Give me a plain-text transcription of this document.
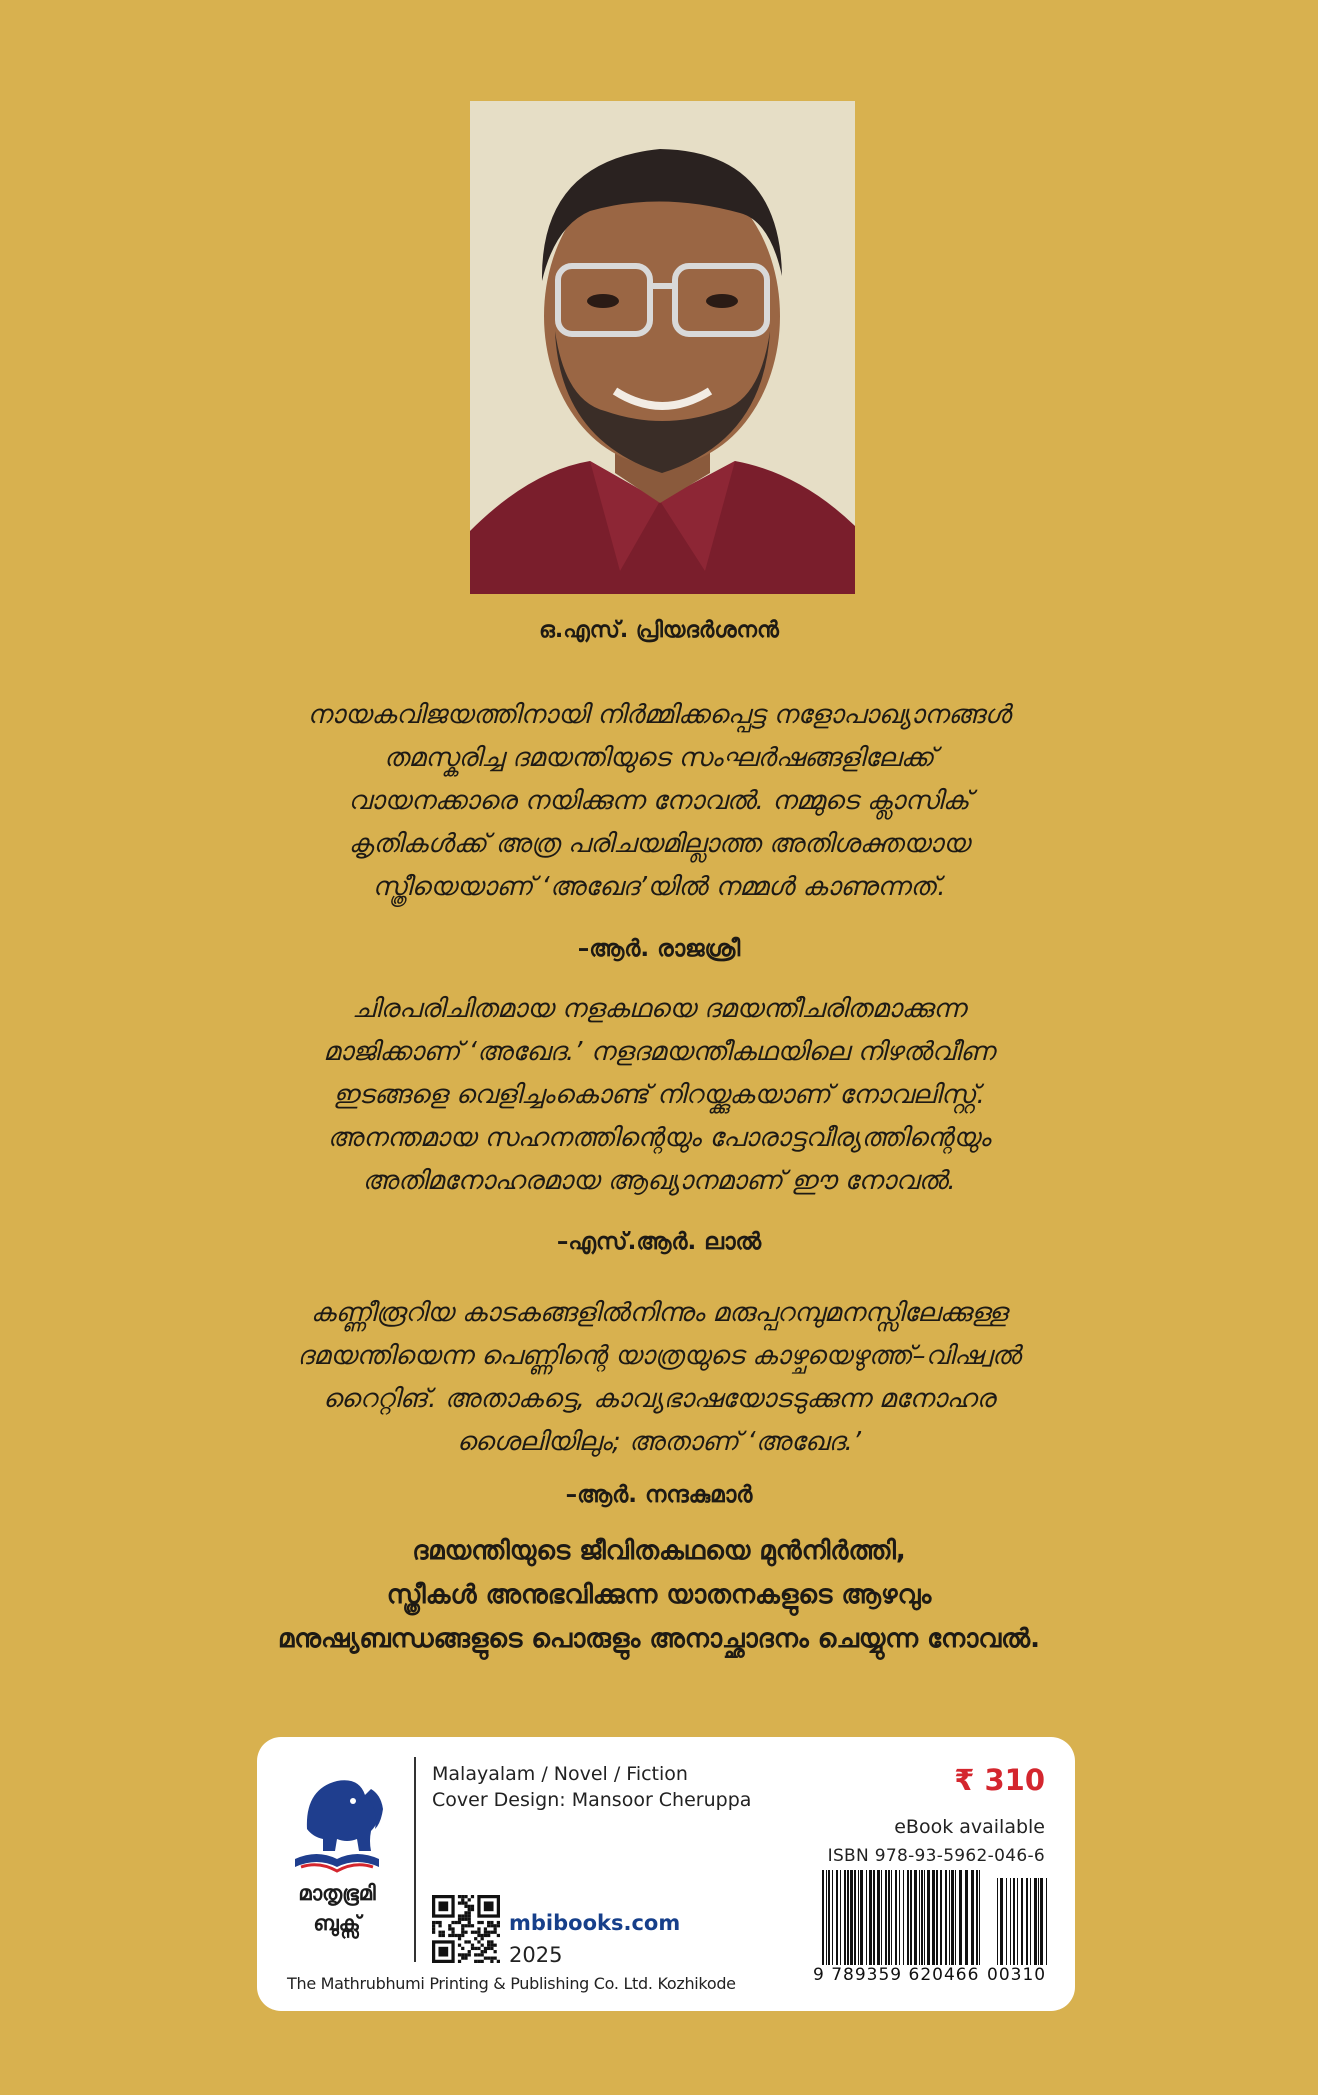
ഒ.എസ്. പ്രിയദർശനൻ
നായകവിജയത്തിനായി നിർമ്മിക്കപ്പെട്ട നളോപാഖ്യാനങ്ങൾ
തമസ്കരിച്ച ദമയന്തിയുടെ സംഘർഷങ്ങളിലേക്ക്
വായനക്കാരെ നയിക്കുന്ന നോവൽ. നമ്മുടെ ക്ലാസിക്
കൃതികൾക്ക് അത്ര പരിചയമില്ലാത്ത അതിശക്തയായ
സ്ത്രീയെയാണ് ‘അഖേദ’യിൽ നമ്മൾ കാണുന്നത്.
–ആർ. രാജശ്രീ
ചിരപരിചിതമായ നളകഥയെ ദമയന്തീചരിതമാക്കുന്ന
മാജിക്കാണ് ‘അഖേദ.’ നളദമയന്തീകഥയിലെ നിഴൽവീണ
ഇടങ്ങളെ വെളിച്ചംകൊണ്ട് നിറയ്ക്കുകയാണ് നോവലിസ്റ്റ്.
അനന്തമായ സഹനത്തിന്റെയും പോരാട്ടവീര്യത്തിന്റെയും
അതിമനോഹരമായ ആഖ്യാനമാണ് ഈ നോവൽ.
–എസ്.ആർ. ലാൽ
കണ്ണീരൂറിയ കാടകങ്ങളിൽനിന്നും മരുപ്പറമ്പുമനസ്സിലേക്കുള്ള
ദമയന്തിയെന്ന പെണ്ണിന്റെ യാത്രയുടെ കാഴ്ചയെഴുത്ത്–വിഷ്വൽ
റൈറ്റിങ്. അതാകട്ടെ, കാവ്യഭാഷയോടടുക്കുന്ന മനോഹര
ശൈലിയിലും; അതാണ് ‘അഖേദ.’
–ആർ. നന്ദകുമാർ
ദമയന്തിയുടെ ജീവിതകഥയെ മുൻനിർത്തി,
സ്ത്രീകൾ അനുഭവിക്കുന്ന യാതനകളുടെ ആഴവും
മനുഷ്യബന്ധങ്ങളുടെ പൊരുളും അനാച്ഛാദനം ചെയ്യുന്ന നോവൽ.
മാതൃഭൂമി
ബുക്സ്
Malayalam / Novel / Fiction
Cover Design: Mansoor Cheruppa
₹ 310
eBook available
ISBN 978-93-5962-046-6
9 789359 620466 00310
mbibooks.com
2025
The Mathrubhumi Printing & Publishing Co. Ltd. Kozhikode
